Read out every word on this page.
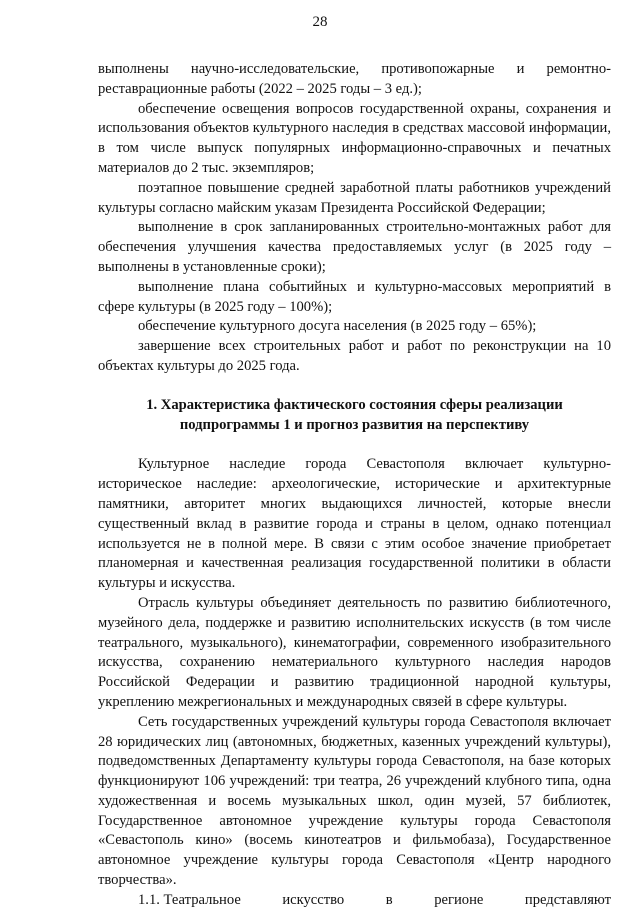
28

выполнены научно-исследовательские, противопожарные и ремонтно-реставрационные работы (2022 – 2025 годы – 3 ед.);

обеспечение освещения вопросов государственной охраны, сохранения и использования объектов культурного наследия в средствах массовой информации, в том числе выпуск популярных информационно-справочных и печатных материалов до 2 тыс. экземпляров;

поэтапное повышение средней заработной платы работников учреждений культуры согласно майским указам Президента Российской Федерации;

выполнение в срок запланированных строительно-монтажных работ для обеспечения улучшения качества предоставляемых услуг (в 2025 году – выполнены в установленные сроки);

выполнение плана событийных и культурно-массовых мероприятий в сфере культуры (в 2025 году – 100%);

обеспечение культурного досуга населения (в 2025 году – 65%);

завершение всех строительных работ и работ по реконструкции на 10 объектах культуры до 2025 года.

1. Характеристика фактического состояния сферы реализации подпрограммы 1 и прогноз развития на перспективу

Культурное наследие города Севастополя включает культурно-историческое наследие: археологические, исторические и архитектурные памятники, авторитет многих выдающихся личностей, которые внесли существенный вклад в развитие города и страны в целом, однако потенциал используется не в полной мере. В связи с этим особое значение приобретает планомерная и качественная реализация государственной политики в области культуры и искусства.

Отрасль культуры объединяет деятельность по развитию библиотечного, музейного дела, поддержке и развитию исполнительских искусств (в том числе театрального, музыкального), кинематографии, современного изобразительного искусства, сохранению нематериального культурного наследия народов Российской Федерации и развитию традиционной народной культуры, укреплению межрегиональных и международных связей в сфере культуры.

Сеть государственных учреждений культуры города Севастополя включает 28 юридических лиц (автономных, бюджетных, казенных учреждений культуры), подведомственных Департаменту культуры города Севастополя, на базе которых функционируют 106 учреждений: три театра, 26 учреждений клубного типа, одна художественная и восемь музыкальных школ, один музей, 57 библиотек, Государственное автономное учреждение культуры города Севастополя «Севастополь кино» (восемь кинотеатров и фильмобаза), Государственное автономное учреждение культуры города Севастополя «Центр народного творчества».

1.1. Театральное	искусство	в	регионе	представляют
